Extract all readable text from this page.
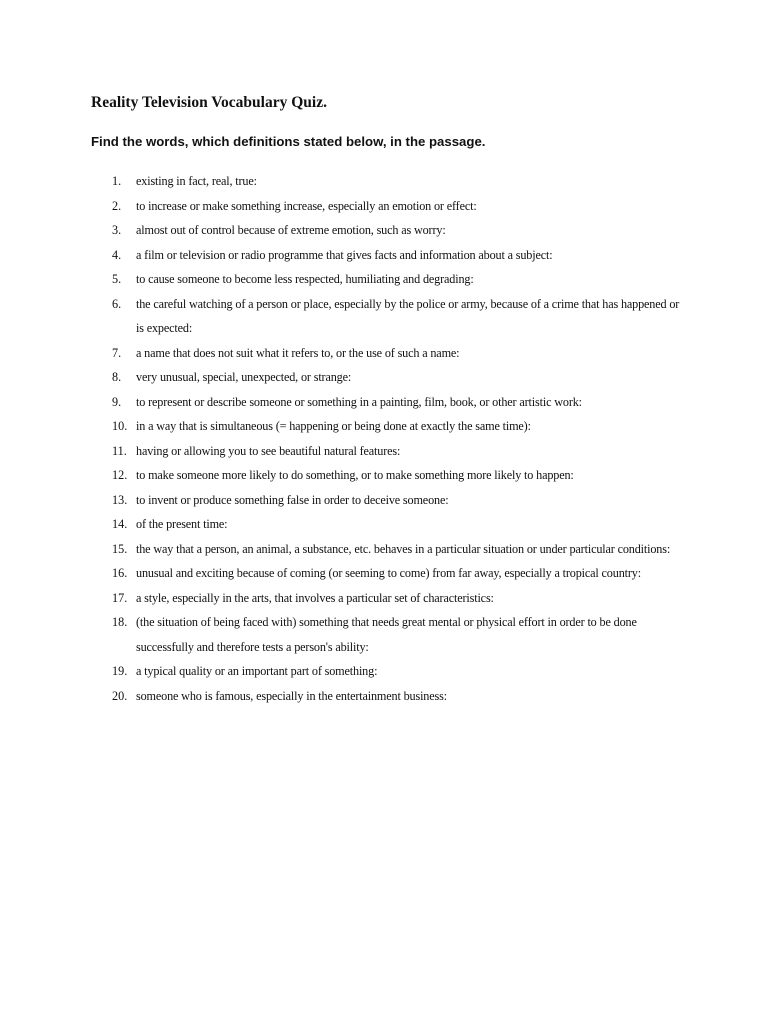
Reality Television Vocabulary Quiz.
Find the words, which definitions stated below, in the passage.
1. existing in fact, real, true:
2. to increase or make something increase, especially an emotion or effect:
3. almost out of control because of extreme emotion, such as worry:
4. a film or television or radio programme that gives facts and information about a subject:
5. to cause someone to become less respected, humiliating and degrading:
6. the careful watching of a person or place, especially by the police or army, because of a crime that has happened or is expected:
7. a name that does not suit what it refers to, or the use of such a name:
8. very unusual, special, unexpected, or strange:
9. to represent or describe someone or something in a painting, film, book, or other artistic work:
10. in a way that is simultaneous (= happening or being done at exactly the same time):
11. having or allowing you to see beautiful natural features:
12. to make someone more likely to do something, or to make something more likely to happen:
13. to invent or produce something false in order to deceive someone:
14. of the present time:
15. the way that a person, an animal, a substance, etc. behaves in a particular situation or under particular conditions:
16. unusual and exciting because of coming (or seeming to come) from far away, especially a tropical country:
17. a style, especially in the arts, that involves a particular set of characteristics:
18. (the situation of being faced with) something that needs great mental or physical effort in order to be done successfully and therefore tests a person's ability:
19. a typical quality or an important part of something:
20. someone who is famous, especially in the entertainment business:
